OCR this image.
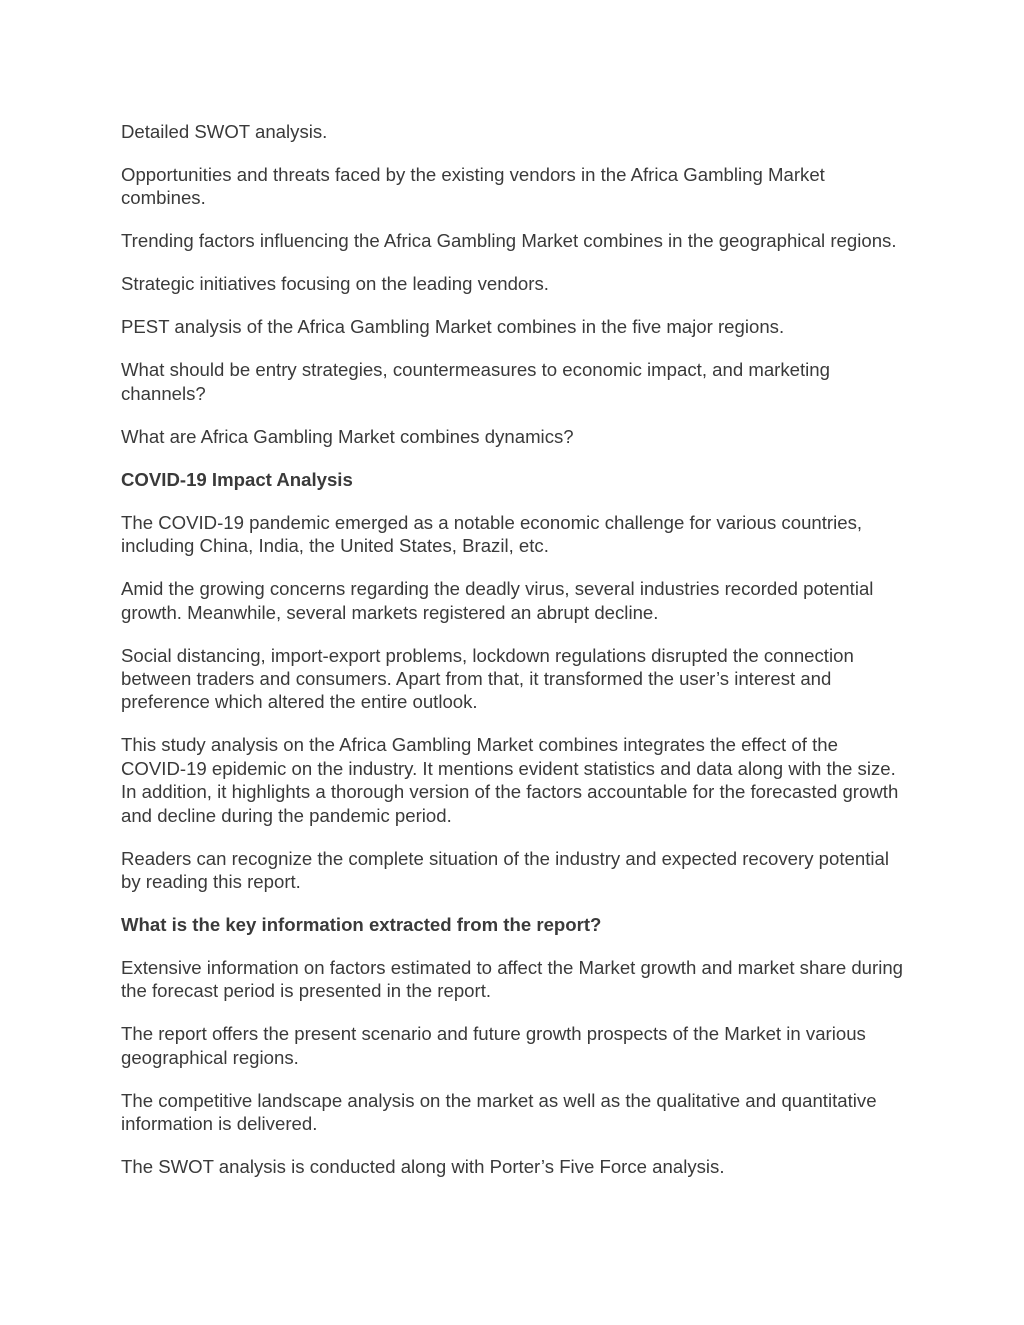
Detailed SWOT analysis.

Opportunities and threats faced by the existing vendors in the Africa Gambling Market combines.

Trending factors influencing the Africa Gambling Market combines in the geographical regions.

Strategic initiatives focusing on the leading vendors.

PEST analysis of the Africa Gambling Market combines in the five major regions.

What should be entry strategies, countermeasures to economic impact, and marketing channels?

What are Africa Gambling Market combines dynamics?

COVID-19 Impact Analysis

The COVID-19 pandemic emerged as a notable economic challenge for various countries, including China, India, the United States, Brazil, etc.

Amid the growing concerns regarding the deadly virus, several industries recorded potential growth. Meanwhile, several markets registered an abrupt decline.

Social distancing, import-export problems, lockdown regulations disrupted the connection between traders and consumers. Apart from that, it transformed the user’s interest and preference which altered the entire outlook.

This study analysis on the Africa Gambling Market combines integrates the effect of the COVID-19 epidemic on the industry. It mentions evident statistics and data along with the size. In addition, it highlights a thorough version of the factors accountable for the forecasted growth and decline during the pandemic period.

Readers can recognize the complete situation of the industry and expected recovery potential by reading this report.

What is the key information extracted from the report?

Extensive information on factors estimated to affect the Market growth and market share during the forecast period is presented in the report.

The report offers the present scenario and future growth prospects of the Market in various geographical regions.

The competitive landscape analysis on the market as well as the qualitative and quantitative information is delivered.

The SWOT analysis is conducted along with Porter’s Five Force analysis.
